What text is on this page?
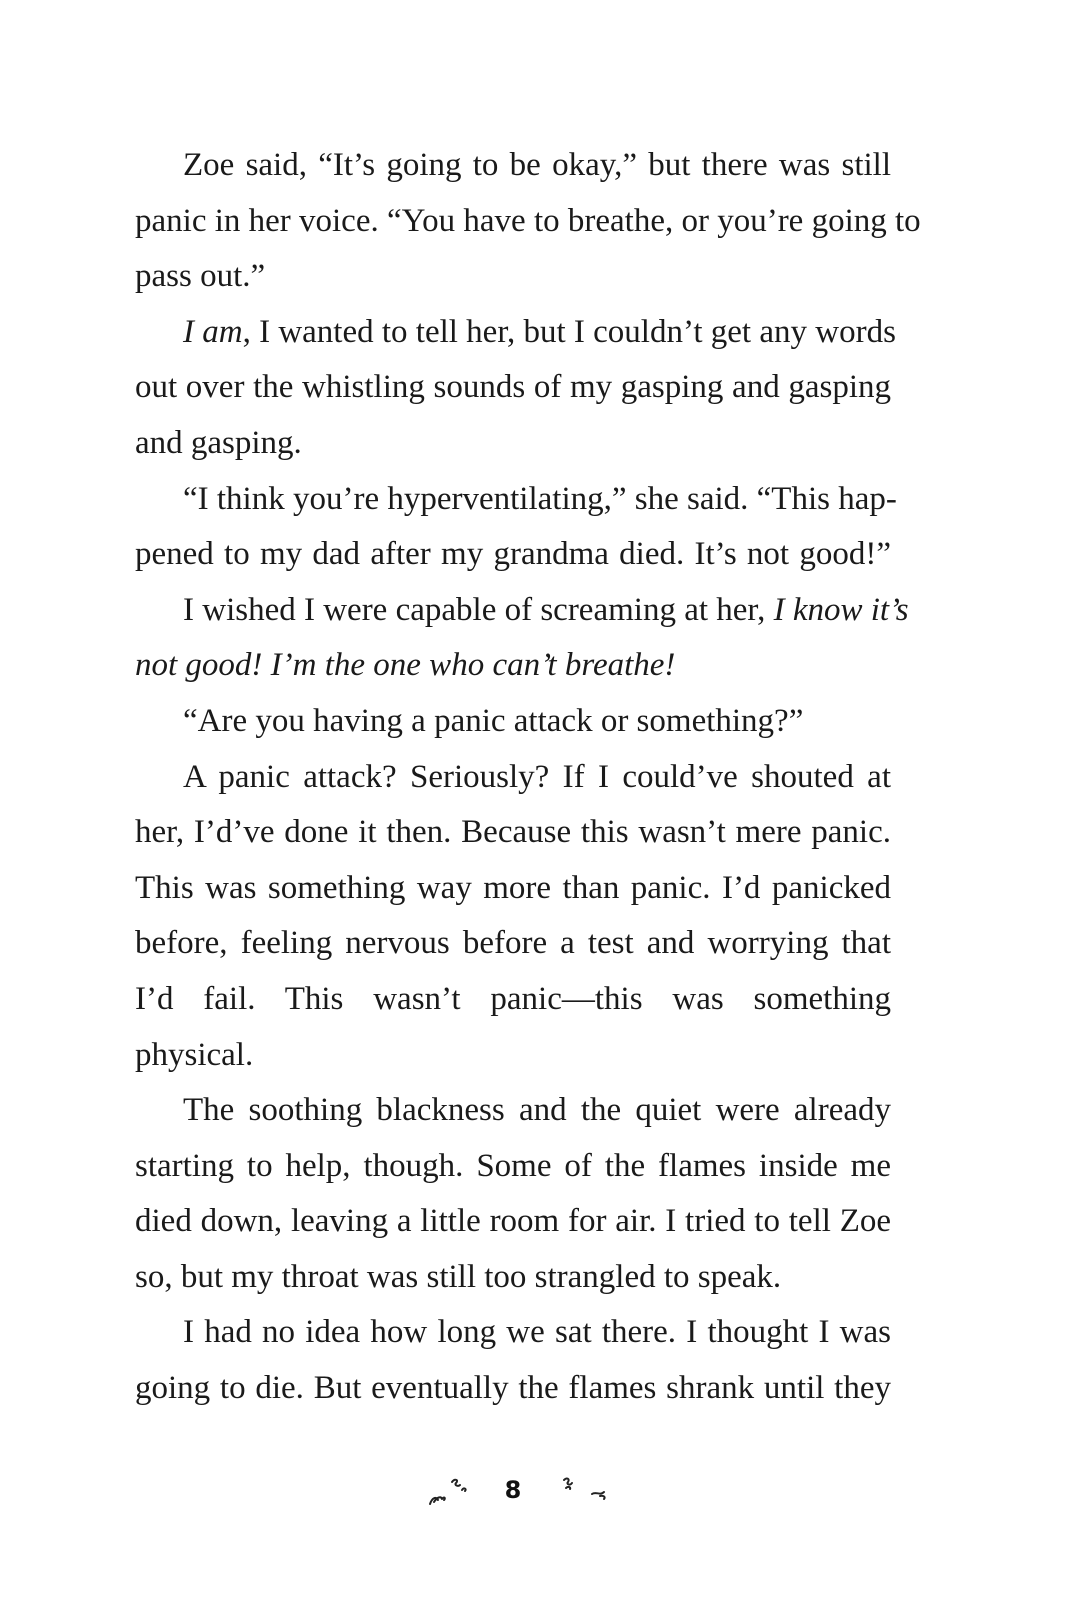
Zoe said, “It’s going to be okay,” but there was still
panic in her voice. “You have to breathe, or you’re going to
pass out.”
I am, I wanted to tell her, but I couldn’t get any words
out over the whistling sounds of my gasping and gasping
and gasping.
“I think you’re hyperventilating,” she said. “This hap-
pened to my dad after my grandma died. It’s not good!”
I wished I were capable of screaming at her, I know it’s
not good! I’m the one who can’t breathe!
“Are you having a panic attack or something?”
A panic attack? Seriously? If I could’ve shouted at
her, I’d’ve done it then. Because this wasn’t mere panic.
This was something way more than panic. I’d panicked
before, feeling nervous before a test and worrying that
I’d fail. This wasn’t panic—this was something
physical.
The soothing blackness and the quiet were already
starting to help, though. Some of the flames inside me
died down, leaving a little room for air. I tried to tell Zoe
so, but my throat was still too strangled to speak.
I had no idea how long we sat there. I thought I was
going to die. But eventually the flames shrank until they
8
